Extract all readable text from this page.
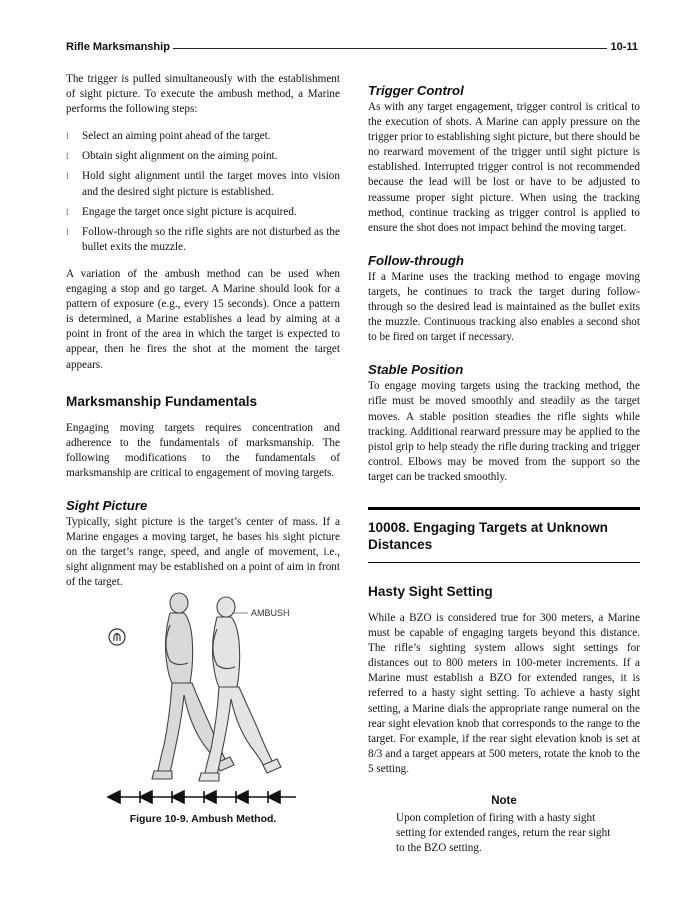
Rifle Marksmanship	10-11

The trigger is pulled simultaneously with the establishment of sight picture. To execute the ambush method, a Marine performs the following steps:

l Select an aiming point ahead of the target.
l Obtain sight alignment on the aiming point.
l Hold sight alignment until the target moves into vision and the desired sight picture is established.
l Engage the target once sight picture is acquired.
l Follow-through so the rifle sights are not disturbed as the bullet exits the muzzle.

A variation of the ambush method can be used when engaging a stop and go target. A Marine should look for a pattern of exposure (e.g., every 15 seconds). Once a pattern is determined, a Marine establishes a lead by aiming at a point in front of the area in which the target is expected to appear, then he fires the shot at the moment the target appears.

Marksmanship Fundamentals

Engaging moving targets requires concentration and adherence to the fundamentals of marksmanship. The following modifications to the fundamentals of marksmanship are critical to engagement of moving targets.

Sight Picture

Typically, sight picture is the target’s center of mass. If a Marine engages a moving target, he bases his sight picture on the target’s range, speed, and angle of movement, i.e., sight alignment may be established on a point of aim in front of the target.

AMBUSH
Figure 10-9. Ambush Method.
Trigger Control

As with any target engagement, trigger control is critical to the execution of shots. A Marine can apply pressure on the trigger prior to establishing sight picture, but there should be no rearward movement of the trigger until sight picture is established. Interrupted trigger control is not recommended because the lead will be lost or have to be adjusted to reassume proper sight picture. When using the tracking method, continue tracking as trigger control is applied to ensure the shot does not impact behind the moving target.

Follow-through

If a Marine uses the tracking method to engage moving targets, he continues to track the target during follow-through so the desired lead is maintained as the bullet exits the muzzle. Continuous tracking also enables a second shot to be fired on target if necessary.

Stable Position

To engage moving targets using the tracking method, the rifle must be moved smoothly and steadily as the target moves. A stable position steadies the rifle sights while tracking. Additional rearward pressure may be applied to the pistol grip to help steady the rifle during tracking and trigger control. Elbows may be moved from the support so the target can be tracked smoothly.

10008. Engaging Targets at Unknown Distances
Hasty Sight Setting

While a BZO is considered true for 300 meters, a Marine must be capable of engaging targets beyond this distance. The rifle’s sighting system allows sight settings for distances out to 800 meters in 100-meter increments. If a Marine must establish a BZO for extended ranges, it is referred to a hasty sight setting. To achieve a hasty sight setting, a Marine dials the appropriate range numeral on the rear sight elevation knob that corresponds to the range to the target. For example, if the rear sight elevation knob is set at 8/3 and a target appears at 500 meters, rotate the knob to the 5 setting.

Note
Upon completion of firing with a hasty sight setting for extended ranges, return the rear sight to the BZO setting.
